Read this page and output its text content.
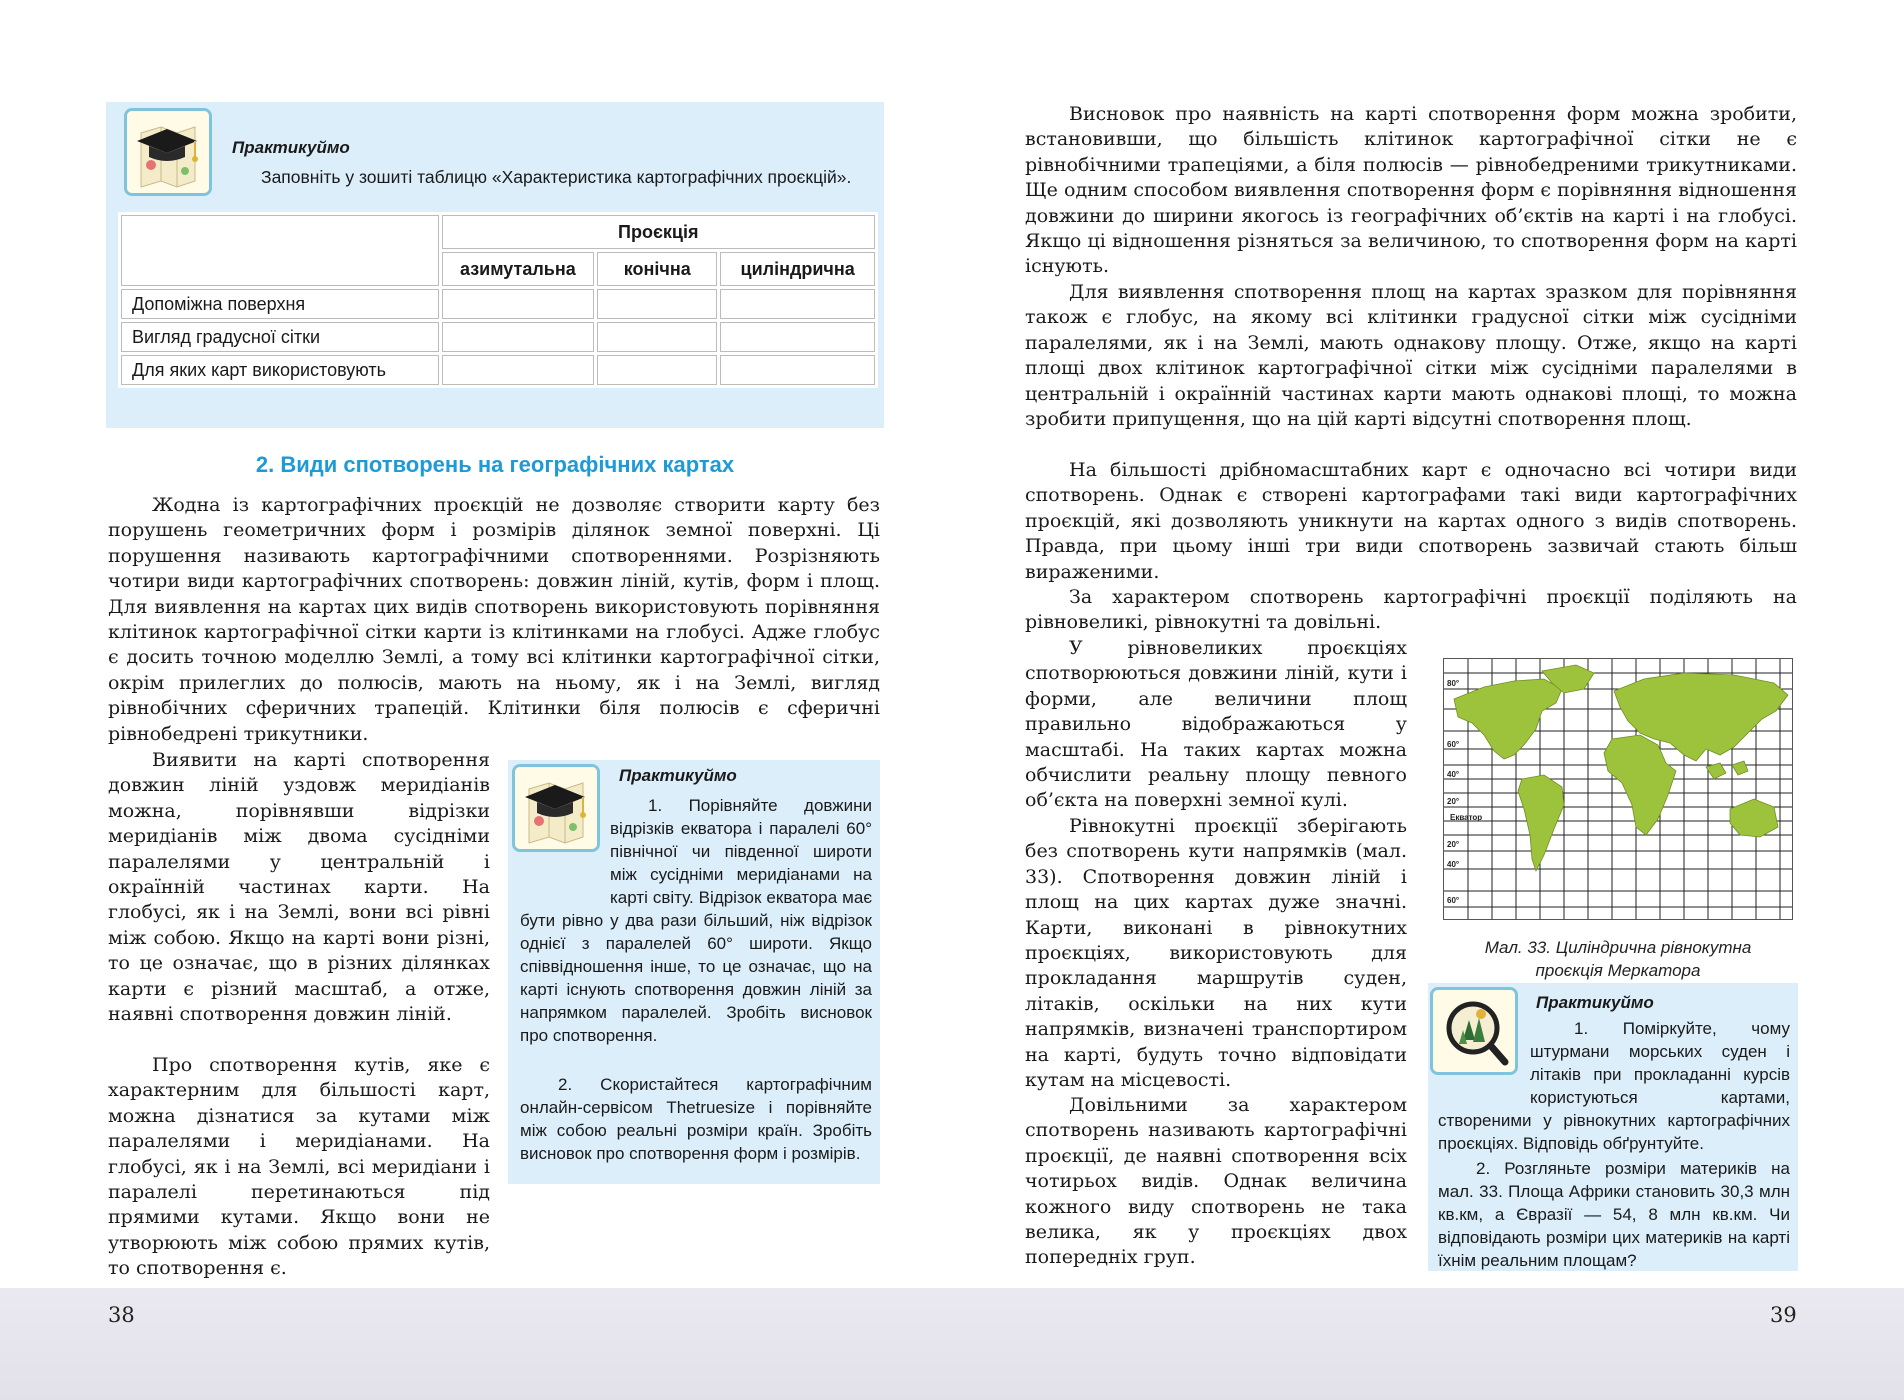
Практикуймо
Заповніть у зошиті таблицю «Характеристика картографічних проєкцій».
	Проєкція		
	азимутальна	конічна	циліндрична
Допоміжна поверхня			
Вигляд градусної сітки			
Для яких карт використовують			
2. Види спотворень на географічних картах
Жодна із картографічних проєкцій не дозволяє створити карту без порушень геометричних форм і розмірів ділянок земної поверхні. Ці порушення називають картографічними спотвореннями. Розрізняють чотири види картографічних спотворень: довжин ліній, кутів, форм і площ. Для виявлення на картах цих видів спотворень використовують порівняння клітинок картографічної сітки карти із клітинками на глобусі. Адже глобус є досить точною моделлю Землі, а тому всі клітинки картографічної сітки, окрім прилеглих до полюсів, мають на ньому, як і на Землі, вигляд рівнобічних сферичних трапецій. Клітинки біля полюсів є сферичні рівнобедрені трикутники.
Виявити на карті спотворення довжин ліній уздовж меридіанів можна, порівнявши відрізки меридіанів між двома сусідніми паралелями у центральній і окраїнній частинах карти. На глобусі, як і на Землі, вони всі рівні між собою. Якщо на карті вони різні, то це означає, що в різних ділянках карти є різний масштаб, а отже, наявні спотворення довжин ліній.
Про спотворення кутів, яке є характерним для більшості карт, можна дізнатися за кутами між паралелями і меридіанами. На глобусі, як і на Землі, всі меридіани і паралелі перетинаються під прямими кутами. Якщо вони не утворюють між собою прямих кутів, то спотворення є.
Практикуймо
1. Порівняйте довжини відрізків екватора і паралелі 60° північної чи південної широти між сусідніми меридіанами на карті світу. Відрізок екватора має бути рівно у два рази більший, ніж відрізок однієї з паралелей 60° широти. Якщо співвідношення інше, то це означає, що на карті існують спотворення довжин ліній за напрямком паралелей. Зробіть висновок про спотворення.
2. Скористайтеся картографічним онлайн-сервісом Thetruesize і порівняйте між собою реальні розміри країн. Зробіть висновок про спотворення форм і розмірів.
Висновок про наявність на карті спотворення форм можна зробити, встановивши, що більшість клітинок картографічної сітки не є рівнобічними трапеціями, а біля полюсів — рівнобедреними трикутниками. Ще одним способом виявлення спотворення форм є порівняння відношення довжини до ширини якогось із географічних об’єктів на карті і на глобусі. Якщо ці відношення різняться за величиною, то спотворення форм на карті існують.
Для виявлення спотворення площ на картах зразком для порівняння також є глобус, на якому всі клітинки градусної сітки між сусідніми паралелями, як і на Землі, мають однакову площу. Отже, якщо на карті площі двох клітинок картографічної сітки між сусідніми паралелями в центральній і окраїнній частинах карти мають однакові площі, то можна зробити припущення, що на цій карті відсутні спотворення площ.
На більшості дрібномасштабних карт є одночасно всі чотири види спотворень. Однак є створені картографами такі види картографічних проєкцій, які дозволяють уникнути на картах одного з видів спотворень. Правда, при цьому інші три види спотворень зазвичай стають більш вираженими.
За характером спотворень картографічні проєкції поділяють на рівновеликі, рівнокутні та довільні.
У рівновеликих проєкціях спотворюються довжини ліній, кути і форми, але величини площ правильно відображаються у масштабі. На таких картах можна обчислити реальну площу певного об’єкта на поверхні земної кулі.
Рівнокутні проєкції зберігають без спотворень кути напрямків (мал. 33). Спотворення довжин ліній і площ на цих картах дуже значні. Карти, виконані в рівнокутних проєкціях, використовують для прокладання маршрутів суден, літаків, оскільки на них кути напрямків, визначені транспортиром на карті, будуть точно відповідати кутам на місцевості.
Довільними за характером спотворень називають картографічні проєкції, де наявні спотворення всіх чотирьох видів. Однак величина кожного виду спотворень не така велика, як у проєкціях двох попередніх груп.
80°
60°
40°
20°
Екватор
20°
40°
60°
Мал. 33. Циліндрична рівнокутна
проєкція Меркатора
Практикуймо
1. Поміркуйте, чому штурмани морських суден і літаків при прокладанні курсів користуються картами, створеними у рівнокутних картографічних проєкціях. Відповідь обґрунтуйте.
2. Розгляньте розміри материків на мал. 33. Площа Африки становить 30,3 млн кв.км, а Євразії — 54, 8 млн кв.км. Чи відповідають розміри цих материків на карті їхнім реальним площам?
38	39
